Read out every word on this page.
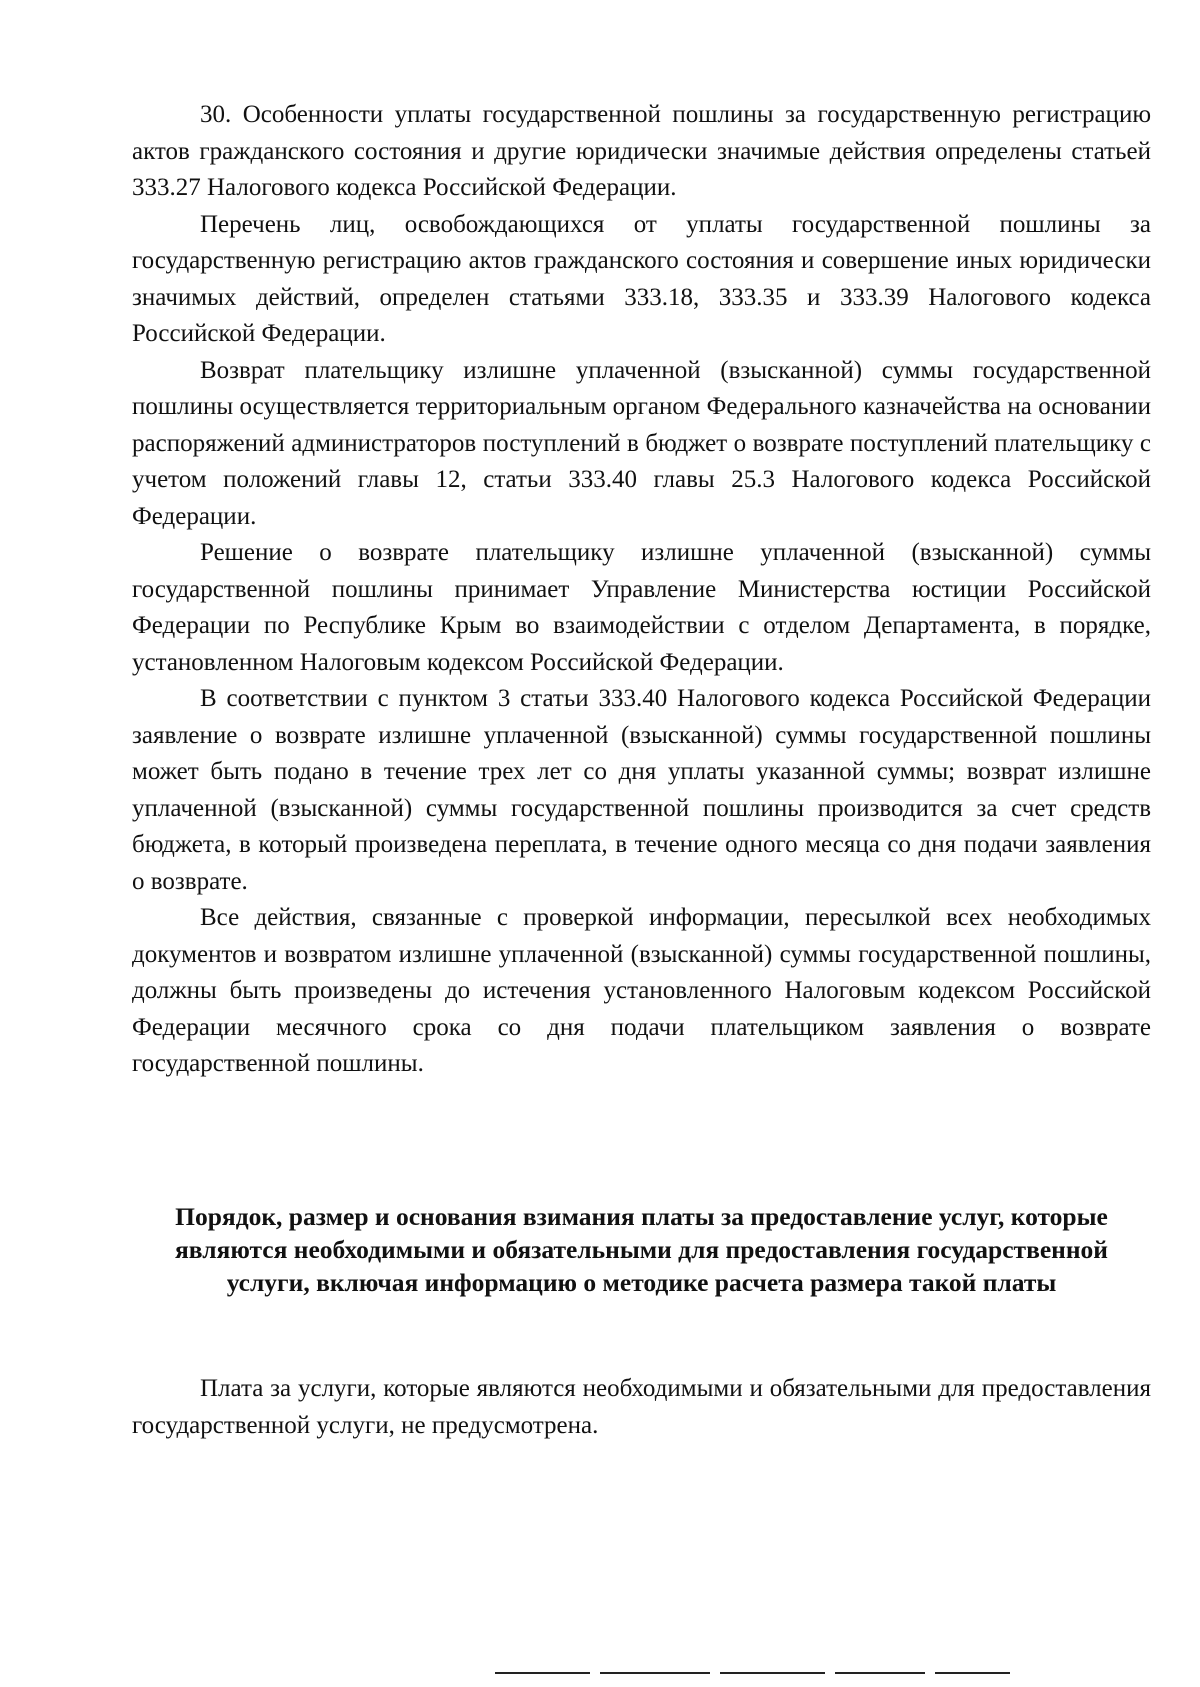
30. Особенности уплаты государственной пошлины за государственную регистрацию актов гражданского состояния и другие юридически значимые действия определены статьей 333.27 Налогового кодекса Российской Федерации.

Перечень лиц, освобождающихся от уплаты государственной пошлины за государственную регистрацию актов гражданского состояния и совершение иных юридически значимых действий, определен статьями 333.18, 333.35 и 333.39 Налогового кодекса Российской Федерации.

Возврат плательщику излишне уплаченной (взысканной) суммы государственной пошлины осуществляется территориальным органом Федерального казначейства на основании распоряжений администраторов поступлений в бюджет о возврате поступлений плательщику с учетом положений главы 12, статьи 333.40 главы 25.3 Налогового кодекса Российской Федерации.

Решение о возврате плательщику излишне уплаченной (взысканной) суммы государственной пошлины принимает Управление Министерства юстиции Российской Федерации по Республике Крым во взаимодействии с отделом Департамента, в порядке, установленном Налоговым кодексом Российской Федерации.

В соответствии с пунктом 3 статьи 333.40 Налогового кодекса Российской Федерации заявление о возврате излишне уплаченной (взысканной) суммы государственной пошлины может быть подано в течение трех лет со дня уплаты указанной суммы; возврат излишне уплаченной (взысканной) суммы государственной пошлины производится за счет средств бюджета, в который произведена переплата, в течение одного месяца со дня подачи заявления о возврате.

Все действия, связанные с проверкой информации, пересылкой всех необходимых документов и возвратом излишне уплаченной (взысканной) суммы государственной пошлины, должны быть произведены до истечения установленного Налоговым кодексом Российской Федерации месячного срока со дня подачи плательщиком заявления о возврате государственной пошлины.

Порядок, размер и основания взимания платы за предоставление услуг, которые являются необходимыми и обязательными для предоставления государственной услуги, включая информацию о методике расчета размера такой платы

Плата за услуги, которые являются необходимыми и обязательными для предоставления государственной услуги, не предусмотрена.
